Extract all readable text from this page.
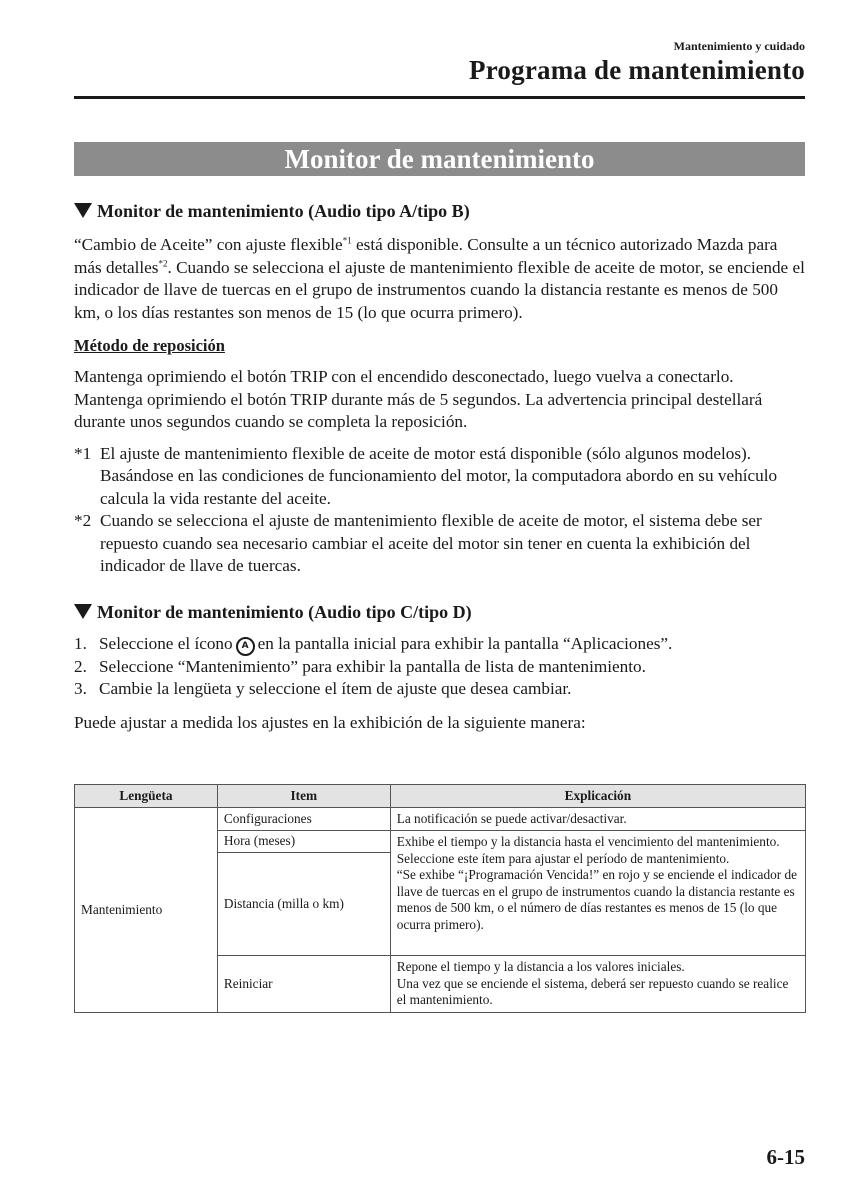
Mantenimiento y cuidado
Programa de mantenimiento
Monitor de mantenimiento
Monitor de mantenimiento (Audio tipo A/tipo B)

“Cambio de Aceite” con ajuste flexible$^{*1}$ está disponible. Consulte a un técnico autorizado Mazda para más detalles$^{*2}$. Cuando se selecciona el ajuste de mantenimiento flexible de aceite de motor, se enciende el indicador de llave de tuercas en el grupo de instrumentos cuando la distancia restante es menos de 500 km, o los días restantes son menos de 15 (lo que ocurra primero).

Método de reposición

Mantenga oprimiendo el botón TRIP con el encendido desconectado, luego vuelva a conectarlo. Mantenga oprimiendo el botón TRIP durante más de 5 segundos. La advertencia principal destellará durante unos segundos cuando se completa la reposición.

*1 El ajuste de mantenimiento flexible de aceite de motor está disponible (sólo algunos modelos). Basándose en las condiciones de funcionamiento del motor, la computadora abordo en su vehículo calcula la vida restante del aceite.
*2 Cuando se selecciona el ajuste de mantenimiento flexible de aceite de motor, el sistema debe ser repuesto cuando sea necesario cambiar el aceite del motor sin tener en cuenta la exhibición del indicador de llave de tuercas.
Monitor de mantenimiento (Audio tipo C/tipo D)
1. Seleccione el ícono A en la pantalla inicial para exhibir la pantalla “Aplicaciones”.
2. Seleccione “Mantenimiento” para exhibir la pantalla de lista de mantenimiento.
3. Cambie la lengüeta y seleccione el ítem de ajuste que desea cambiar.

Puede ajustar a medida los ajustes en la exhibición de la siguiente manera:

Lengüeta	Item	Explicación
Mantenimiento	Configuraciones	La notificación se puede activar/desactivar.
	Hora (meses)	Exhibe el tiempo y la distancia hasta el vencimiento del mantenimiento.
Seleccione este ítem para ajustar el período de mantenimiento.
“Se exhibe “¡Programación Vencida!” en rojo y se enciende el indicador de llave de tuercas en el grupo de instrumentos cuando la distancia restante es menos de 500 km, o el número de días restantes es menos de 15 (lo que ocurra primero).
	Distancia (milla o km)	
	Reiniciar	Repone el tiempo y la distancia a los valores iniciales.
Una vez que se enciende el sistema, deberá ser repuesto cuando se realice el mantenimiento.
6-15
